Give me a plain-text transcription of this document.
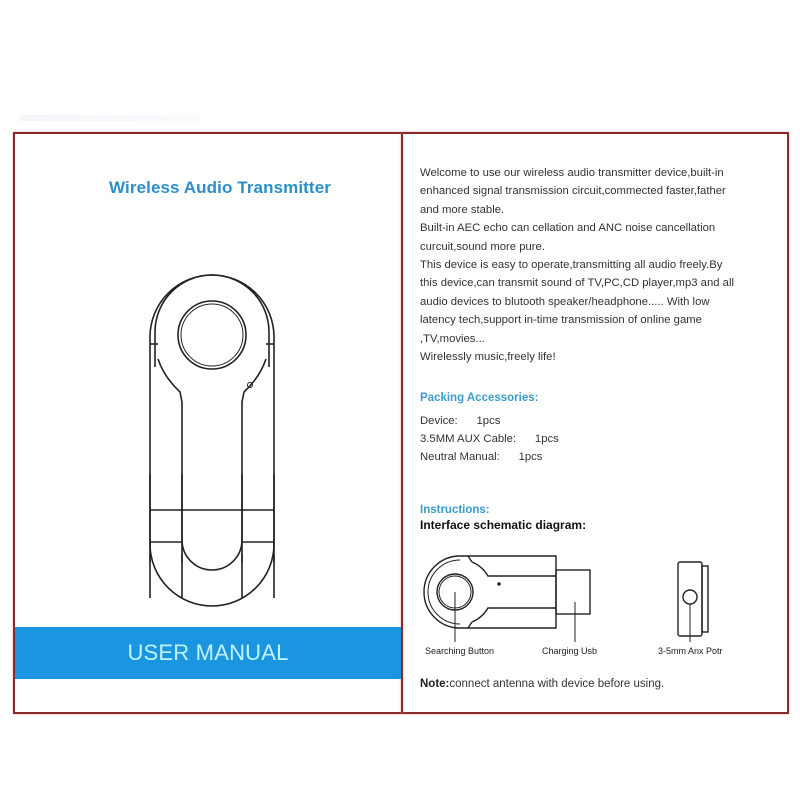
Wireless Audio Transmitter
USER MANUAL

Welcome to use our wireless audio transmitter device,built-in

enhanced signal transmission circuit,commected faster,father

and more stable.

Built-in AEC echo can cellation and ANC noise cancellation

curcuit,sound more pure.

This device is easy to operate,transmitting all audio freely.By

this device,can transmit sound of TV,PC,CD player,mp3 and all

audio devices to blutooth speaker/headphone..... With low

latency tech,support in-time transmission of online game

,TV,movies...

Wirelessly music,freely life!

Packing Accessories:
Device: 1pcs
3.5MM AUX Cable: 1pcs
Neutral Manual: 1pcs
Instructions:
Interface schematic diagram:
Searching Button	Charging Usb	3-5mm Anx Potr
Note:connect antenna with device before using.
